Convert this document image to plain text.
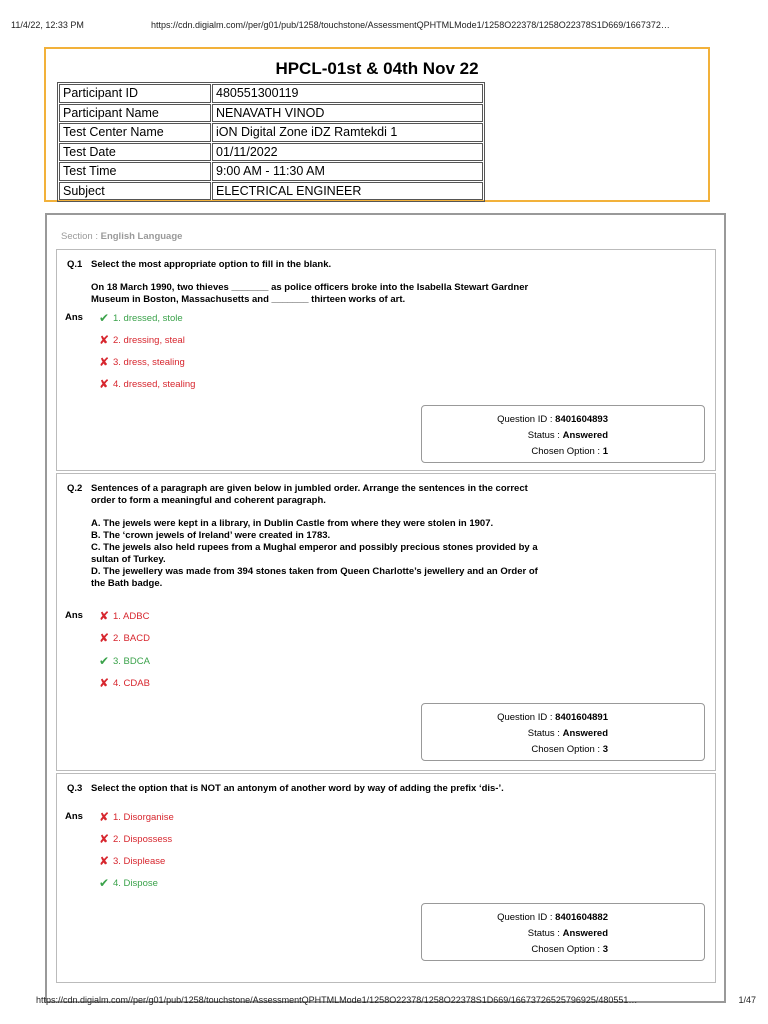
11/4/22, 12:33 PM	https://cdn.digialm.com//per/g01/pub/1258/touchstone/AssessmentQPHTMLMode1/1258O22378/1258O22378S1D669/1667372…
HPCL-01st & 04th Nov 22
Participant ID	480551300119
Participant Name	NENAVATH VINOD
Test Center Name	iON Digital Zone iDZ Ramtekdi 1
Test Date	01/11/2022
Test Time	9:00 AM - 11:30 AM
Subject	ELECTRICAL ENGINEER
Section : English Language
Q.1 Select the most appropriate option to fill in the blank.

On 18 March 1990, two thieves _______ as police officers broke into the Isabella Stewart Gardner Museum in Boston, Massachusetts and _______ thirteen works of art.

Ans ✔ 1. dressed, stole
✘ 2. dressing, steal
✘ 3. dress, stealing
✘ 4. dressed, stealing
Question ID : 8401604893
Status : Answered
Chosen Option : 1
Q.2 Sentences of a paragraph are given below in jumbled order. Arrange the sentences in the correct order to form a meaningful and coherent paragraph.

A. The jewels were kept in a library, in Dublin Castle from where they were stolen in 1907.

B. The ‘crown jewels of Ireland’ were created in 1783.

C. The jewels also held rupees from a Mughal emperor and possibly precious stones provided by a sultan of Turkey.

D. The jewellery was made from 394 stones taken from Queen Charlotte’s jewellery and an Order of the Bath badge.

Ans ✘ 1. ADBC
✘ 2. BACD
✔ 3. BDCA
✘ 4. CDAB
Question ID : 8401604891
Status : Answered
Chosen Option : 3
Q.3 Select the option that is NOT an antonym of another word by way of adding the prefix ‘dis-’.

Ans ✘ 1. Disorganise
✘ 2. Dispossess
✘ 3. Displease
✔ 4. Dispose
Question ID : 8401604882
Status : Answered
Chosen Option : 3
https://cdn.digialm.com//per/g01/pub/1258/touchstone/AssessmentQPHTMLMode1/1258O22378/1258O22378S1D669/16673726525796925/480551…	1/47
